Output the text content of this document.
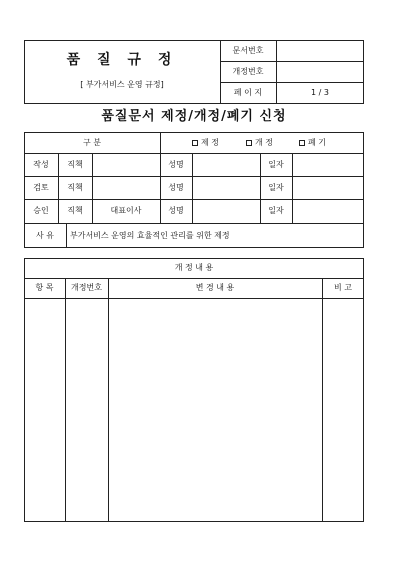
품 질 규 정
[ 부가서비스 운영 규정]
문서번호
개정번호
페 이 지	1 / 3
품질문서 제정/개정/폐기 신청
구 분	제 정	개 정	폐 기
작성	직책	성명	일자
검토	직책	성명	일자
승인	직책	대표이사	성명	일자
사 유	부가서비스 운영의 효율적인 관리를 위한 제정
개 정 내 용
항 목	개정번호	변 경 내 용	비 고
